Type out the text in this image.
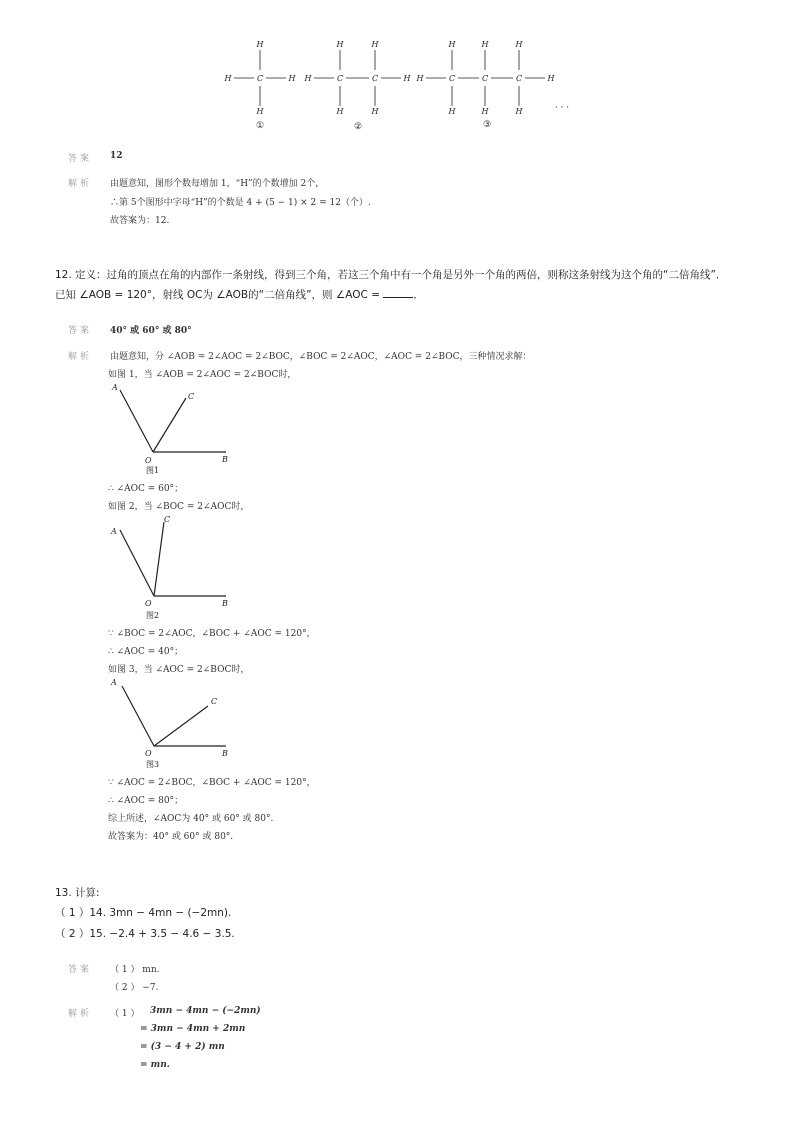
H	C	H
H
H
H	C	C	H
H	H
H	H
H	C	C	C	H
H	H	H
H	H	H
①	②	③
· · ·
答案 12
解析 由题意知，图形个数每增加 1，“H”的个数增加 2个，
∴第 5个图形中字母“H”的个数是 4 + (5 − 1) × 2 = 12（个）.
故答案为：12.
12. 定义：过角的顶点在角的内部作一条射线，得到三个角，若这三个角中有一个角是另外一个角的两倍，则称这条射线为这个角的“二倍角线”．
已知 ∠AOB = 120°，射线 OC为 ∠AOB的“二倍角线”，则 ∠AOC =	．
答案 40° 或 60° 或 80°
解析 由题意知，分 ∠AOB = 2∠AOC = 2∠BOC，∠BOC = 2∠AOC，∠AOC = 2∠BOC，三种情况求解：
如图 1，当 ∠AOB = 2∠AOC = 2∠BOC时，
A
C
O	B
图1
∴ ∠AOC = 60°；
如图 2，当 ∠BOC = 2∠AOC时，
A
C
O	B
图2
∵ ∠BOC = 2∠AOC，∠BOC + ∠AOC = 120°，
∴ ∠AOC = 40°；
如图 3，当 ∠AOC = 2∠BOC时，
A
C
O	B
图3
∵ ∠AOC = 2∠BOC，∠BOC + ∠AOC = 120°，
∴ ∠AOC = 80°；
综上所述，∠AOC为 40° 或 60° 或 80°.
故答案为：40° 或 60° 或 80°.
13. 计算:
（ 1 ）14. 3mn − 4mn − (−2mn).
（ 2 ）15. −2.4 + 3.5 − 4.6 − 3.5.
答案 （ 1 ） mn.
（ 2 ） −7.
解析 （ 1 ） 3mn − 4mn − (−2mn)
= 3mn − 4mn + 2mn
= (3 − 4 + 2) mn
= mn.
